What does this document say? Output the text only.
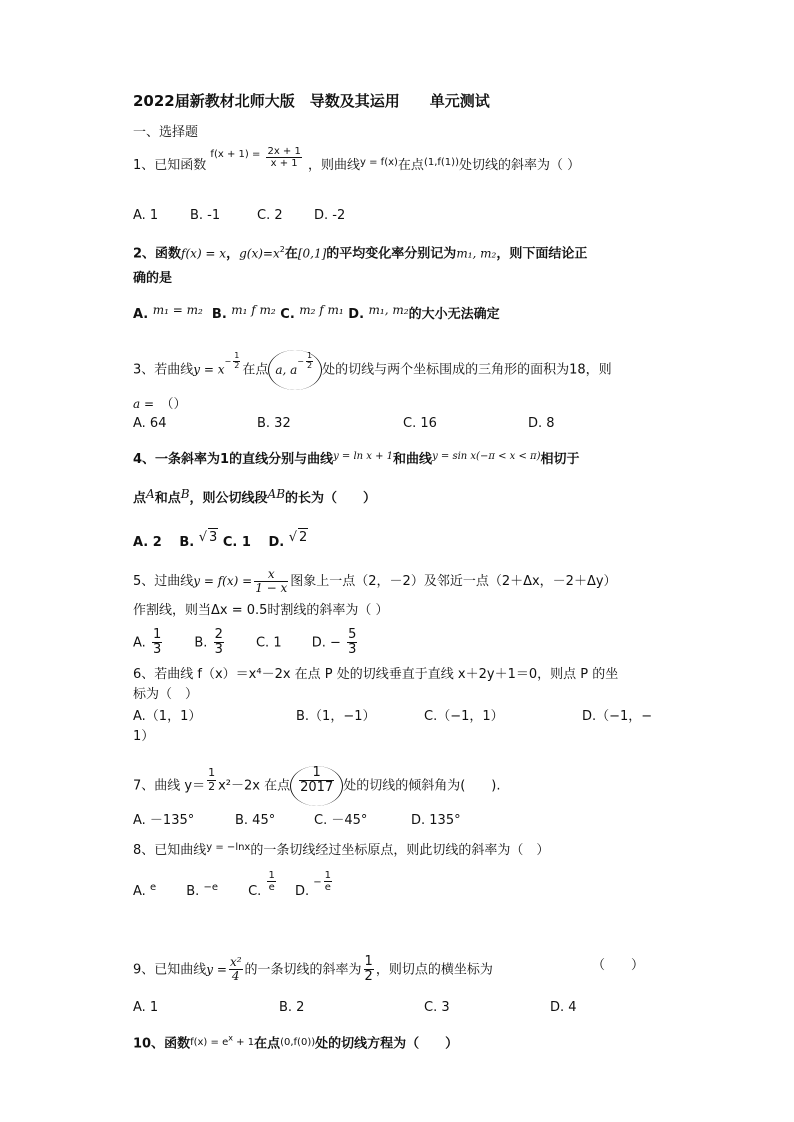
2022届新教材北师大版　导数及其运用　　单元测试
一、选择题
1、已知函数 $^{f(x + 1) =} \frac{2x + 1}{x + 1}$ ，则曲线$^{y = f(x)}$在点$^{(1,f(1))}$处切线的斜率为（ ）
A. 1 B. -1	C. 2 D. -2
2、函数f(x) = x，$g(x)=x^2$在[0,1]的平均变化率分别记为m₁, m₂，则下面结论正
确的是
A. m₁ = m₂ B. m₁ f m₂ C. m₂ f m₁ D. m₁, m₂的大小无法确定
3、若曲线$y = x- \frac{1}{2}$ 在点 a, $a- \frac{1}{2}$ 处的切线与两个坐标围成的三角形的面积为18，则
a =　 （）
A. 64	B. 32	C. 16	D. 8
4、一条斜率为1的直线分别与曲线$^{y = ln x + 1}$和曲线$^{y = sin x(-\pi < x < \pi)}$相切于
点A和点B，则公切线段AB的长为（　　）
A. 2　 B. √ 3 C. 1　 D. √ 2
5、过曲线$y = f(x) = \frac{x}{1 - x}$ 图象上一点（2，－2）及邻近一点（2＋Δx，－2＋Δy）
作割线，则当Δx = 0.5时割线的斜率为（ ）
A. $\frac{1}{3}$
　　 B. $\frac{2}{3}$
　　 C. 1　　 D. − $\frac{5}{3}$
6、若曲线 f（x）＝x⁴－2x 在点 P 处的切线垂直于直线 x＋2y＋1＝0，则点 P 的坐
标为（　）
A.（1，1）	B.（1，−1）	C.（−1，1）	D.（−1，−
1）
7、曲线 $y= \frac{1}{2} x^2-2x$ 在点 $\frac{1}{2017}$ 处的切线的倾斜角为(　　).
A. －135°	B. 45°	C. －45°	D. 135°
8、已知曲线$^{y = -lnx}$的一条切线经过坐标原点，则此切线的斜率为（　）
A. $^e$　　 B. $^{-e}$　　 C. $\frac{1}{e}$
　 D. $^- \frac{1}{e}$
9、已知曲线$y = \frac{\text{x²}}{4}$ 的一条切线的斜率为 $\frac{1}{2}$ ，则切点的横坐标为	（　　）
A. 1	B. 2	C. 3	D. 4
10、函数$f(x) = e^x + 1$在点(0,f(0))处的切线方程为（　　）
